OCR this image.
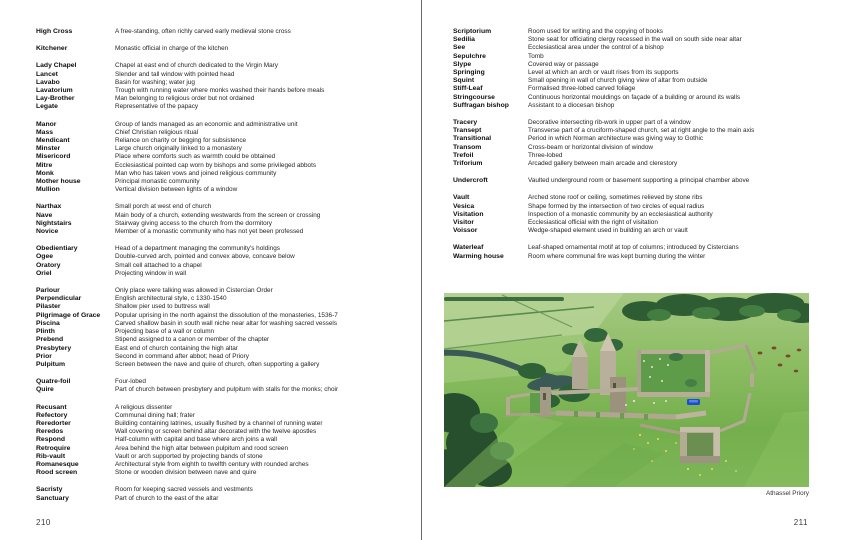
High Cross	A free-standing, often richly carved early medieval stone cross
Kitchener	Monastic official in charge of the kitchen
Lady Chapel	Chapel at east end of church dedicated to the Virgin Mary
Lancet	Slender and tall window with pointed head
Lavabo	Basin for washing; water jug
Lavatorium	Trough with running water where monks washed their hands before meals
Lay-Brother	Man belonging to religious order but not ordained
Legate	Representative of the papacy
Manor	Group of lands managed as an economic and administrative unit
Mass	Chief Christian religious ritual
Mendicant	Reliance on charity or begging for subsistence
Minster	Large church originally linked to a monastery
Misericord	Place where comforts such as warmth could be obtained
Mitre	Ecclesiastical pointed cap worn by bishops and some privileged abbots
Monk	Man who has taken vows and joined religious community
Mother house	Principal monastic community
Mullion	Vertical division between lights of a window
Narthax	Small porch at west end of church
Nave	Main body of a church, extending westwards from the screen or crossing
Nightstairs	Stairway giving access to the church from the dormitory
Novice	Member of a monastic community who has not yet been professed
Obedientiary	Head of a department managing the community's holdings
Ogee	Double-curved arch, pointed and convex above, concave below
Oratory	Small cell attached to a chapel
Oriel	Projecting window in wall
Parlour	Only place were talking was allowed in Cistercian Order
Perpendicular	English architectural style, c 1330-1540
Pilaster	Shallow pier used to buttress wall
Pilgrimage of Grace	Popular uprising in the north against the dissolution of the monasteries, 1536-7
Piscina	Carved shallow basin in south wall niche near altar for washing sacred vessels
Plinth	Projecting base of a wall or column
Prebend	Stipend assigned to a canon or member of the chapter
Presbytery	East end of church containing the high altar
Prior	Second in command after abbot; head of Priory
Pulpitum	Screen between the nave and quire of church, often supporting a gallery
Quatre-foil	Four-lobed
Quire	Part of church between presbytery and pulpitum with stalls for the monks; choir
Recusant	A religious dissenter
Refectory	Communal dining hall; frater
Reredorter	Building containing latrines, usually flushed by a channel of running water
Reredos	Wall covering or screen behind altar decorated with the twelve apostles
Respond	Half-column with capital and base where arch joins a wall
Retroquire	Area behind the high altar between pulpitum and rood screen
Rib-vault	Vault or arch supported by projecting bands of stone
Romanesque	Architectural style from eighth to twelfth century with rounded arches
Rood screen	Stone or wooden division between nave and quire
Sacristy	Room for keeping sacred vessels and vestments
Sanctuary	Part of church to the east of the altar
210
Scriptorium	Room used for writing and the copying of books
Sedilia	Stone seat for officiating clergy recessed in the wall on south side near altar
See	Ecclesiastical area under the control of a bishop
Sepulchre	Tomb
Slype	Covered way or passage
Springing	Level at which an arch or vault rises from its supports
Squint	Small opening in wall of church giving view of altar from outside
Stiff-Leaf	Formalised three-lobed carved foliage
Stringcourse	Continuous horizontal mouldings on façade of a building or around its walls
Suffragan bishop	Assistant to a diocesan bishop
Tracery	Decorative intersecting rib-work in upper part of a window
Transept	Transverse part of a cruciform-shaped church, set at right angle to the main axis
Transitional	Period in which Norman architecture was giving way to Gothic
Transom	Cross-beam or horizontal division of window
Trefoil	Three-lobed
Triforium	Arcaded gallery between main arcade and clerestory
Undercroft	Vaulted underground room or basement supporting a principal chamber above
Vault	Arched stone roof or ceiling, sometimes relieved by stone ribs
Vesica	Shape formed by the intersection of two circles of equal radius
Visitation	Inspection of a monastic community by an ecclesiastical authority
Visitor	Ecclesiastical official with the right of visitation
Voissor	Wedge-shaped element used in building an arch or vault
Waterleaf	Leaf-shaped ornamental motif at top of columns; introduced by Cistercians
Warming house	Room where communal fire was kept burning during the winter
Athassel Priory
211
